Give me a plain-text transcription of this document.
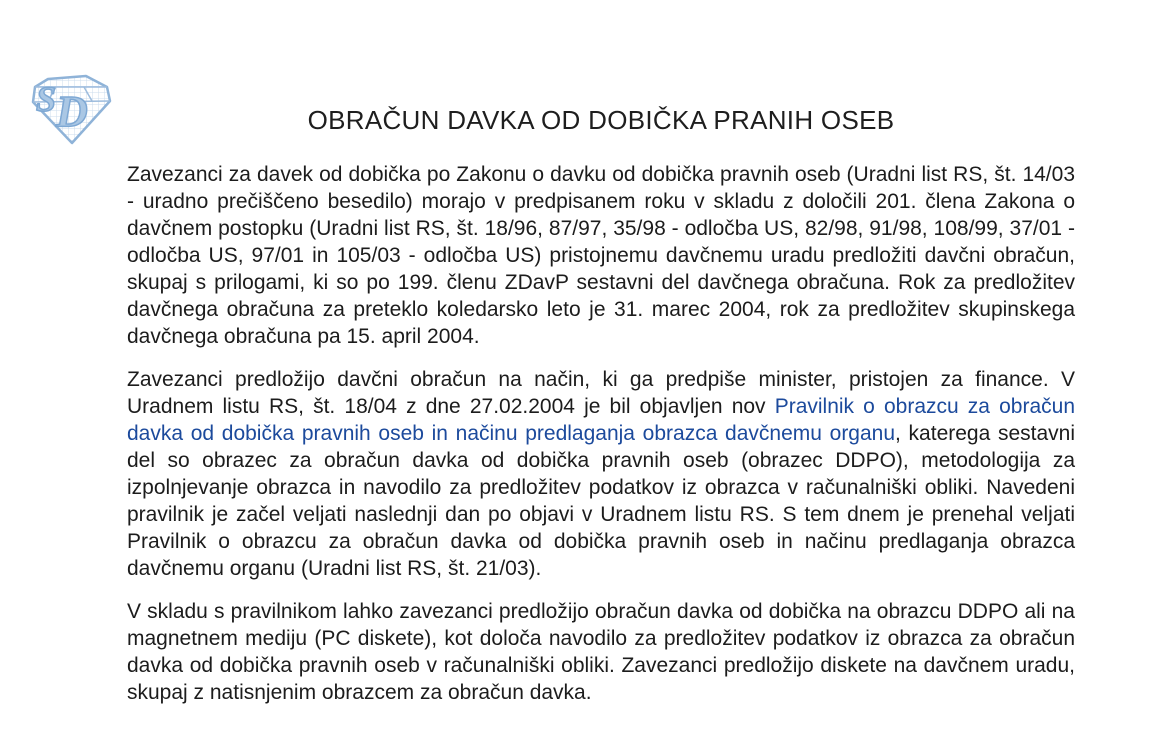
S D	OBRAČUN DAVKA OD DOBIČKA PRANIH OSEB

Zavezanci za davek od dobička po Zakonu o davku od dobička pravnih oseb (Uradni list RS, št. 14/03 - uradno prečiščeno besedilo) morajo v predpisanem roku v skladu z določili 201. člena Zakona o davčnem postopku (Uradni list RS, št. 18/96, 87/97, 35/98 - odločba US, 82/98, 91/98, 108/99, 37/01 - odločba US, 97/01 in 105/03 - odločba US) pristojnemu davčnemu uradu predložiti davčni obračun, skupaj s prilogami, ki so po 199. členu ZDavP sestavni del davčnega obračuna. Rok za predložitev davčnega obračuna za preteklo koledarsko leto je 31. marec 2004, rok za predložitev skupinskega davčnega obračuna pa 15. april 2004.

Zavezanci predložijo davčni obračun na način, ki ga predpiše minister, pristojen za finance. V Uradnem listu RS, št. 18/04 z dne 27.02.2004 je bil objavljen nov Pravilnik o obrazcu za obračun davka od dobička pravnih oseb in načinu predlaganja obrazca davčnemu organu, katerega sestavni del so obrazec za obračun davka od dobička pravnih oseb (obrazec DDPO), metodologija za izpolnjevanje obrazca in navodilo za predložitev podatkov iz obrazca v računalniški obliki. Navedeni pravilnik je začel veljati naslednji dan po objavi v Uradnem listu RS. S tem dnem je prenehal veljati Pravilnik o obrazcu za obračun davka od dobička pravnih oseb in načinu predlaganja obrazca davčnemu organu (Uradni list RS, št. 21/03).

V skladu s pravilnikom lahko zavezanci predložijo obračun davka od dobička na obrazcu DDPO ali na magnetnem mediju (PC diskete), kot določa navodilo za predložitev podatkov iz obrazca za obračun davka od dobička pravnih oseb v računalniški obliki. Zavezanci predložijo diskete na davčnem uradu, skupaj z natisnjenim obrazcem za obračun davka.
